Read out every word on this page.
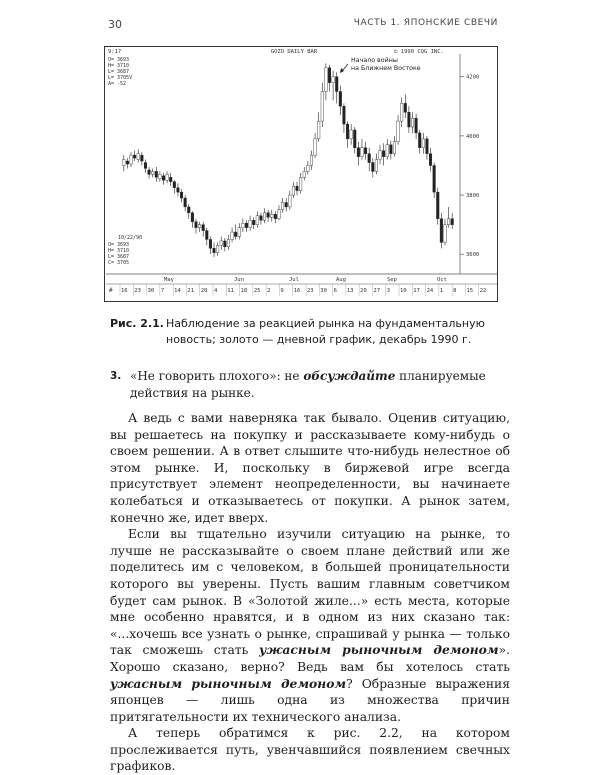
30	ЧАСТЬ 1. ЯПОНСКИЕ СВЕЧИ
9:17	GOZO DAILY BAR	© 1990 CQG INC.
O= 3693
H= 3710
L= 3687
L= 3705V
A= -52
10/22/90
O= 3693
H= 3710
L= 3687
C= 3705
Начало войны
на Ближнем Востоке
4200
4000
3800
3600
May	Jun	Jul	Aug	Sep	Oct
# 16 23 30 7 14 21 28 4 11 18 25 2 9 16 23 30 6 13 20 27 3 10 17 24 1 8 15 22
Рис. 2.1. Наблюдение за реакцией рынка на фундаментальную новость; золото — дневной график, декабрь 1990 г.
3. «Не говорить плохого»: не обсуждайте планируемые действия на рынке.

А ведь с вами наверняка так бывало. Оценив ситуацию, вы решаетесь на покупку и рассказываете кому-нибудь о своем решении. А в ответ слышите что-нибудь нелестное об этом рынке. И, поскольку в биржевой игре всегда присутствует элемент неопределенности, вы начинаете колебаться и отказываетесь от покупки. А рынок затем, конечно же, идет вверх.

Если вы тщательно изучили ситуацию на рынке, то лучше не рассказывайте о своем плане действий или же поделитесь им с человеком, в большей проницательности которого вы уверены. Пусть вашим главным советчиком будет сам рынок. В «Золотой жиле...» есть места, которые мне особенно нравятся, и в одном из них сказано так: «...хочешь все узнать о рынке, спрашивай у рынка — только так сможешь стать ужасным рыночным демоном». Хорошо сказано, верно? Ведь вам бы хотелось стать ужасным рыночным демоном? Образные выражения японцев — лишь одна из множества причин притягательности их технического анализа.

А теперь обратимся к рис. 2.2, на котором прослеживается путь, увенчавшийся появлением свечных графиков.
